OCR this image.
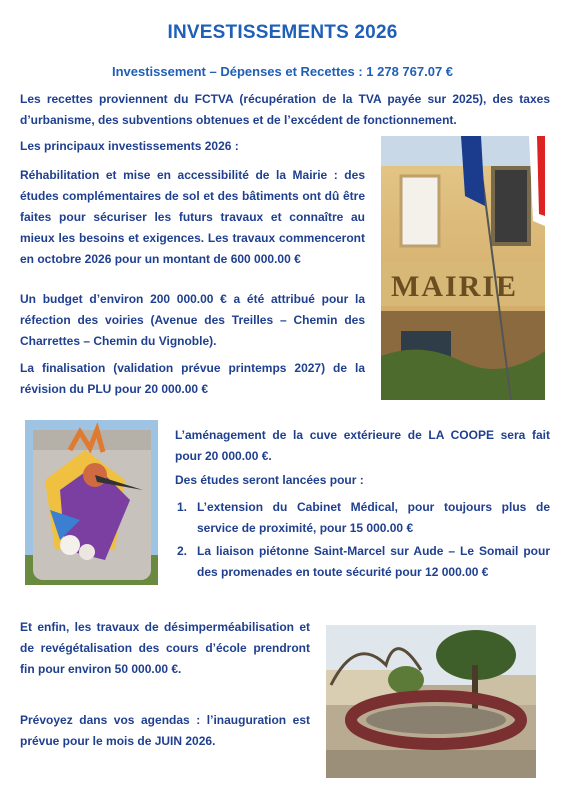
INVESTISSEMENTS 2026
Investissement – Dépenses et Recettes : 1 278 767.07 €
Les recettes proviennent du FCTVA (récupération de la TVA payée sur 2025), des taxes d’urbanisme, des subventions obtenues et de l’excédent de fonctionnement.
Les principaux investissements 2026 :
Réhabilitation et mise en accessibilité de la Mairie : des études complémentaires de sol et des bâtiments ont dû être faites pour sécuriser les futurs travaux et connaître au mieux les besoins et exigences. Les travaux commenceront en octobre 2026 pour un montant de 600 000.00 €
Un budget d’environ 200 000.00 € a été attribué pour la réfection des voiries (Avenue des Treilles – Chemin des Charrettes – Chemin du Vignoble).
La finalisation (validation prévue printemps 2027) de la révision du PLU pour 20 000.00 €
MAIRIE
L’aménagement de la cuve extérieure de LA COOPE sera fait pour 20 000.00 €.
Des études seront lancées pour :
1. L’extension du Cabinet Médical, pour toujours plus de service de proximité, pour 15 000.00 €
2. La liaison piétonne Saint-Marcel sur Aude – Le Somail pour des promenades en toute sécurité pour 12 000.00 €
Et enfin, les travaux de désimperméabilisation et de revégétalisation des cours d’école prendront fin pour environ 50 000.00 €.
Prévoyez dans vos agendas : l’inauguration est prévue pour le mois de JUIN 2026.
